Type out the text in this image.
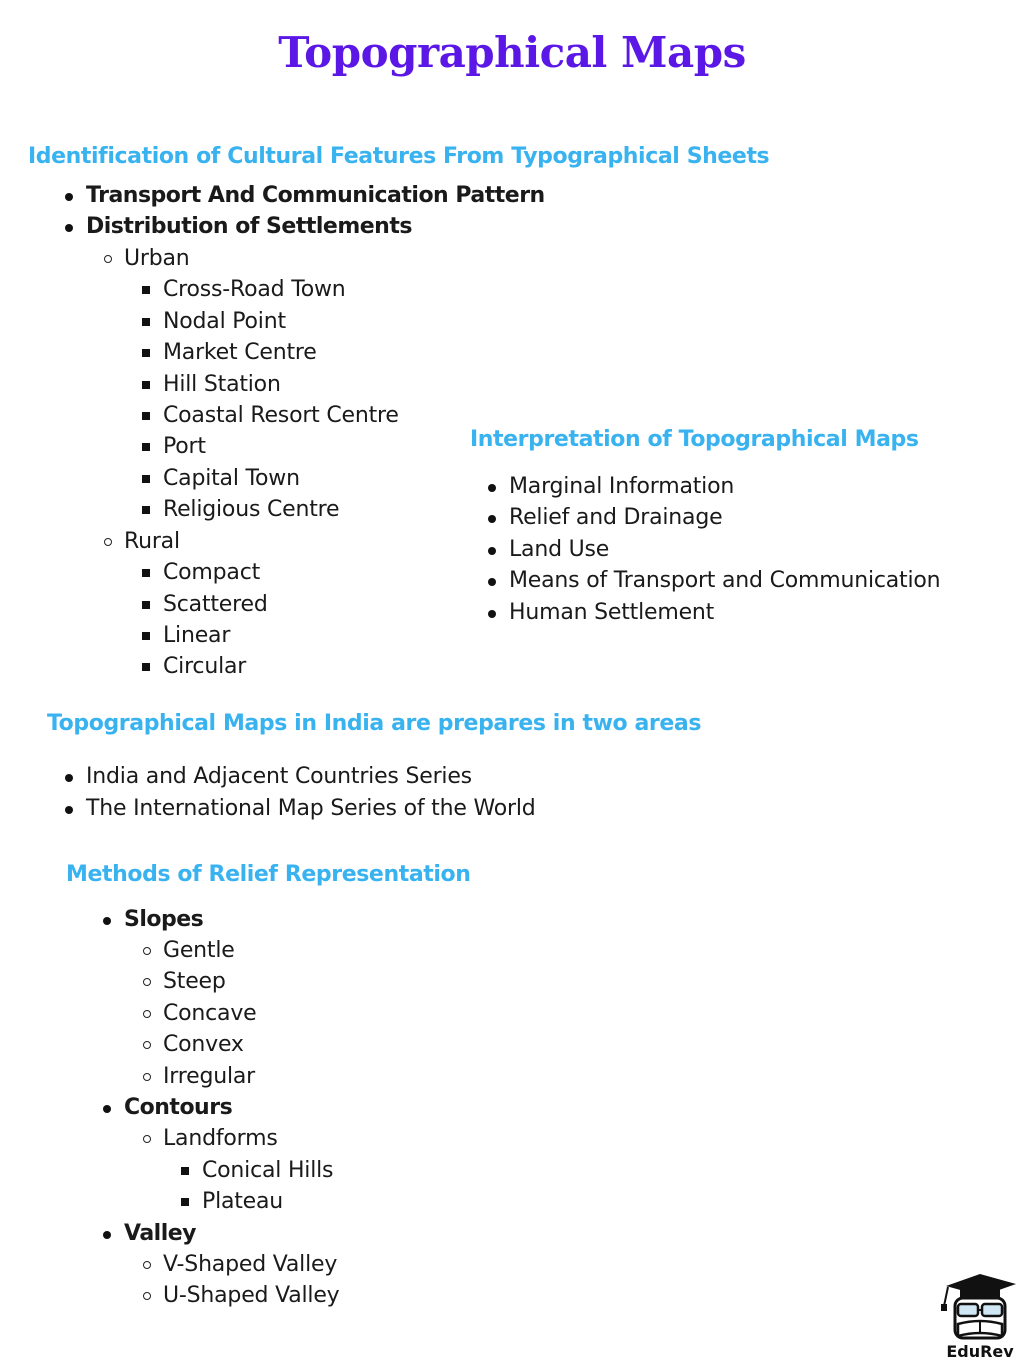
Topographical Maps
Identification of Cultural Features From Typographical Sheets
Transport And Communication Pattern
Distribution of Settlements
Urban
Cross-Road Town
Nodal Point
Market Centre
Hill Station
Coastal Resort Centre
Port
Capital Town
Religious Centre
Rural
Compact
Scattered
Linear
Circular
Interpretation of Topographical Maps
Marginal Information
Relief and Drainage
Land Use
Means of Transport and Communication
Human Settlement
Topographical Maps in India are prepares in two areas
India and Adjacent Countries Series
The International Map Series of the World
Methods of Relief Representation
Slopes
Gentle
Steep
Concave
Convex
Irregular
Contours
Landforms
Conical Hills
Plateau
Valley
V-Shaped Valley
U-Shaped Valley
EduRev
